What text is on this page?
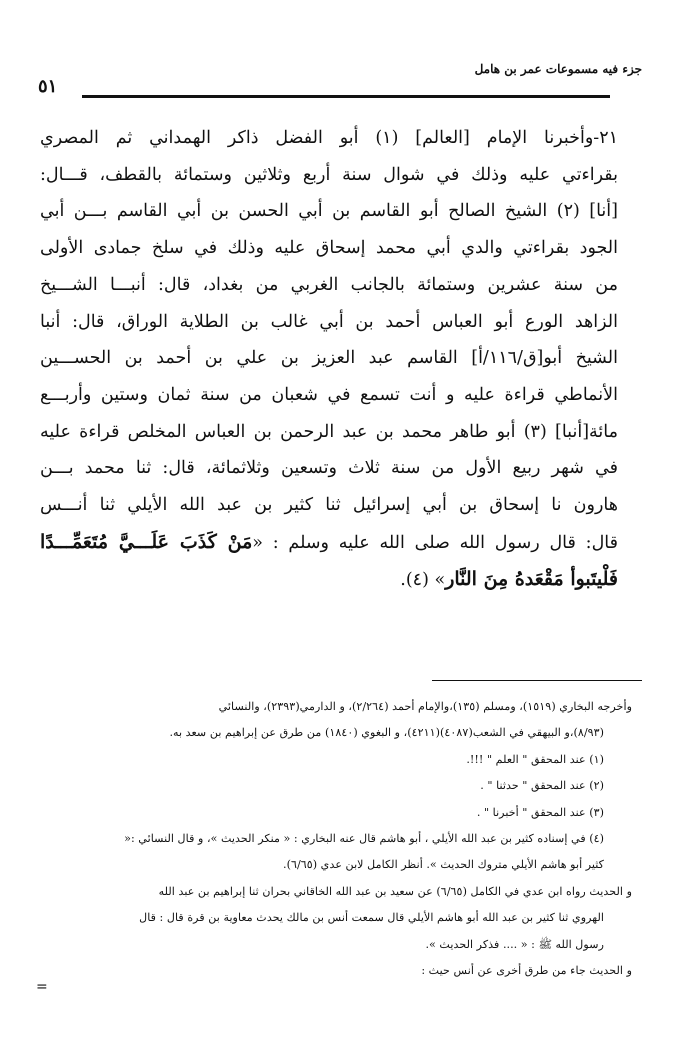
جزء فيه مسموعات عمر بن هامل
٥١
٢١-وأخبرنا الإمام [العالم] (١) أبو الفضل ذاكر الهمداني ثم المصري
بقراءتي عليه وذلك في شوال سنة أربع وثلاثين وستمائة بالقطف، قـــال:
[أنا] (٢) الشيخ الصالح أبو القاسم بن أبي الحسن بن أبي القاسم بـــن أبي
الجود بقراءتي والدي أبي محمد إسحاق عليه وذلك في سلخ جمادى الأولى
من سنة عشرين وستمائة بالجانب الغربي من بغداد، قال: أنبـــا الشـــيخ
الزاهد الورع أبو العباس أحمد بن أبي غالب بن الطلاية الوراق، قال: أنبا
الشيخ أبو[ق/١١٦/أ] القاسم عبد العزيز بن علي بن أحمد بن الحســـين
الأنماطي قراءة عليه و أنت تسمع في شعبان من سنة ثمان وستين وأربـــع
مائة[أنبا] (٣) أبو طاهر محمد بن عبد الرحمن بن العباس المخلص قراءة عليه
في شهر ربيع الأول من سنة ثلاث وتسعين وثلاثمائة، قال: ثنا محمد بـــن
هارون نا إسحاق بن أبي إسرائيل ثنا كثير بن عبد الله الأيلي ثنا أنـــس
قال: قال رسول الله صلى الله عليه وسلم : «مَنْ كَذَبَ عَلَـــيَّ مُتَعَمِّـــدًا
فَلْيتَبوأ مَقْعَدهُ مِنَ النَّار» (٤).
وأخرجه البخاري (١٥١٩)، ومسلم (١٣٥)،والإمام أحمد (٢/٢٦٤)، و الدارمي(٢٣٩٣)، والنسائي
(٨/٩٣)،و البيهقي في الشعب(٤٠٨٧)(٤٢١١)، و البغوي (١٨٤٠) من طرق عن إبراهيم بن سعد به.
(١) عند المحقق " العلم " !!!.
(٢) عند المحقق " حدثنا " .
(٣) عند المحقق " أخبرنا " .
(٤) في إسناده كثير بن عبد الله الأيلي ، أبو هاشم قال عنه البخاري : « منكر الحديث »، و قال النسائي :«
كثير أبو هاشم الأيلي متروك الحديث ». أنظر الكامل لابن عدي (٦/٦٥).
و الحديث رواه ابن عدي في الكامل (٦/٦٥) عن سعيد بن عبد الله الخاقاني بحران ثنا إبراهيم بن عبد الله
الهروي ثنا كثير بن عبد الله أبو هاشم الأيلي قال سمعت أنس بن مالك يحدث معاوية بن قرة قال : قال
رسول الله ﷺ : « .... فذكر الحديث ».
و الحديث جاء من طرق أخرى عن أنس حيث :
=
